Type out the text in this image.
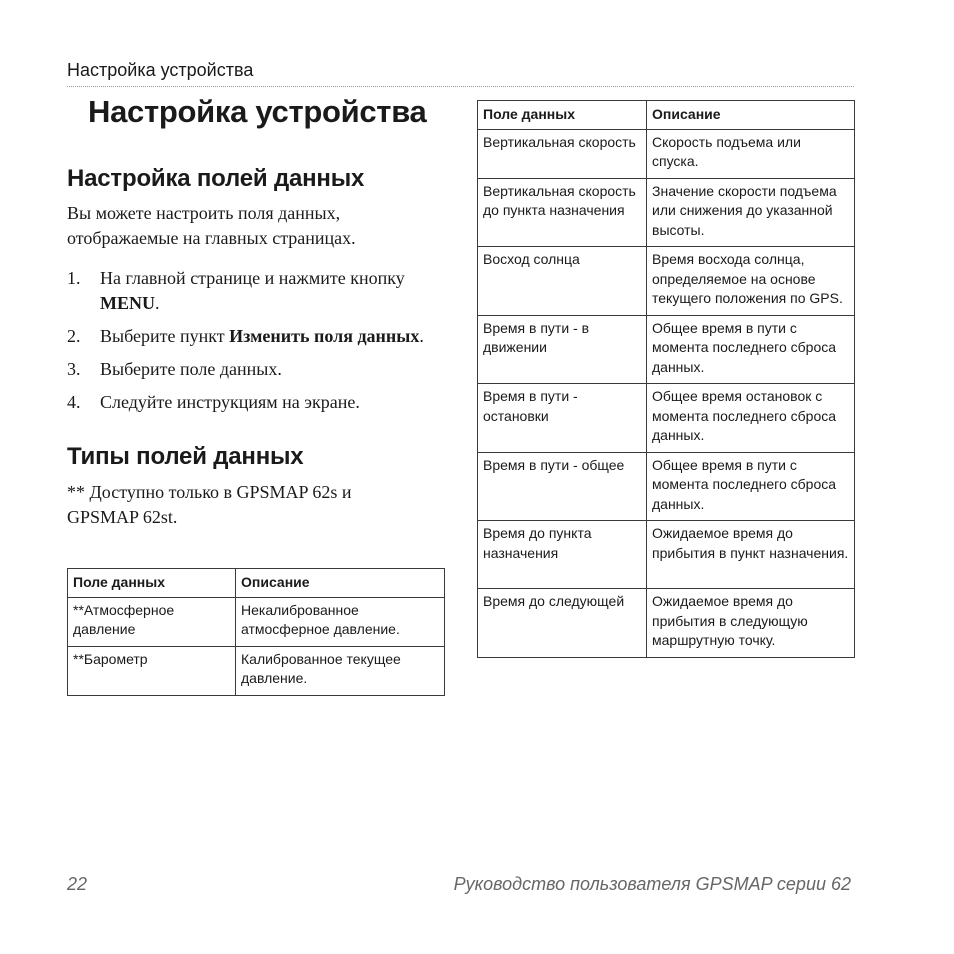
Настройка устройства
Настройка устройства
Настройка полей данных

Вы можете настроить поля данных, отображаемые на главных страницах.

1. На главной странице и нажмите кнопку MENU.
2. Выберите пункт Изменить поля данных.
3. Выберите поле данных.
4. Следуйте инструкциям на экране.
Типы полей данных

** Доступно только в GPSMAP 62s и GPSMAP 62st.

Поле данных	Описание
**Атмосферное давление	Некалиброванное атмосферное давление.
**Барометр	Калиброванное текущее давление.
Поле данных	Описание
Вертикальная скорость	Скорость подъема или спуска.
Вертикальная скорость до пункта назначения	Значение скорости подъема или снижения до указанной высоты.
Восход солнца	Время восхода солнца, определяемое на основе текущего положения по GPS.
Время в пути - в движении	Общее время в пути с момента последнего сброса данных.
Время в пути - остановки	Общее время остановок с момента последнего сброса данных.
Время в пути - общее	Общее время в пути с момента последнего сброса данных.
Время до пункта назначения	Ожидаемое время до прибытия в пункт назначения.
Время до следующей	Ожидаемое время до прибытия в следующую маршрутную точку.
22	Руководство пользователя GPSMAP серии 62
